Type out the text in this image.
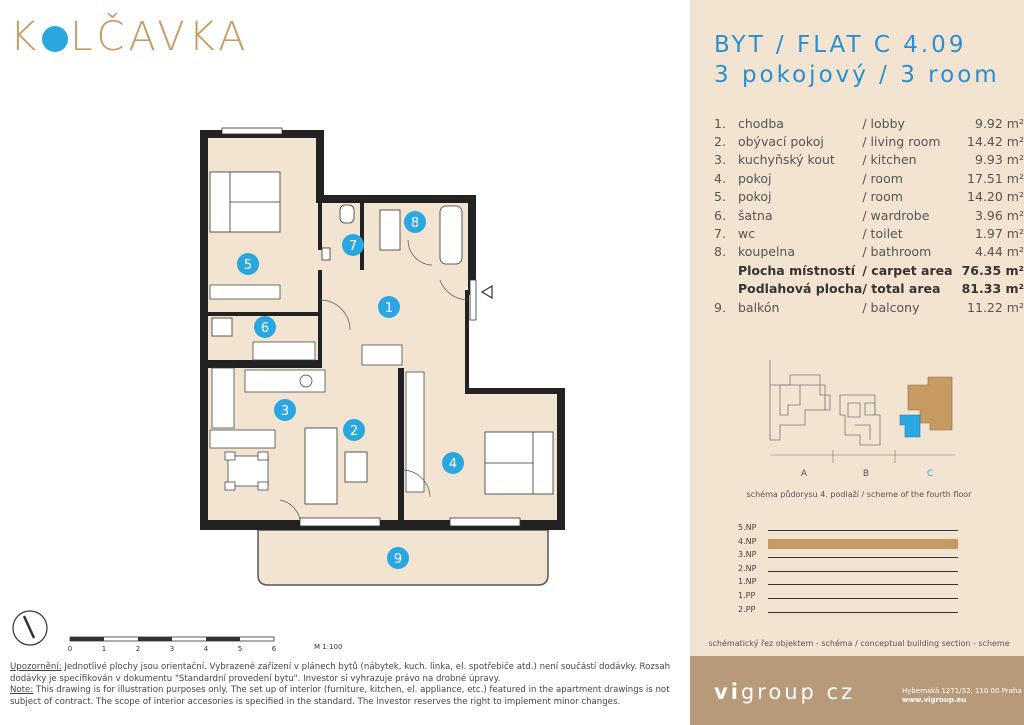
K LČAVKA	BYT / FLAT C 4.09
3 pokojový / 3 room
1.	chodba	/ lobby	9.92 m²
2.	obývací pokoj	/ living room	14.42 m²
3.	kuchyňský kout	/ kitchen	9.93 m²
4.	pokoj	/ room	17.51 m²
5.	pokoj	/ room	14.20 m²
6.	šatna	/ wardrobe	3.96 m²
7.	wc	/ toilet	1.97 m²
8.	koupelna	/ bathroom	4.44 m²
	Plocha místností	/ carpet area	76.35 m²
	Podlahová plocha	/ total area	81.33 m²
9.	balkón	/ balcony	11.22 m²
A	B	C
schéma půdorysu 4. podlaží / scheme of the fourth floor
5.NP
4.NP
3.NP
2.NP
1.NP
1.PP
2.PP
schématický řez objektem - schéma / conceptual building section - scheme
vigroup cz	Hybernská 1271/32, 110 00 Praha
www.vigroup.eu
1
2
3
4
5
6
7
8
9
0	1	2	3	4	5	6	M 1:100
Upozornění: Jednotlivé plochy jsou orientační. Vybrazené zařízení v plánech bytů (nábytek, kuch. linka, el. spotřebiče atd.) není součástí dodávky. Rozsah dodávky je specifikován v dokumentu "Standardní provedení bytu". Investor si vyhrazuje právo na drobné úpravy.
Note: This drawing is for illustration purposes only. The set up of interior (furniture, kitchen, el. appliance, etc.) featured in the apartment drawings is not subject of contract. The scope of interior accesories is specified in the standard. The investor reserves the right to implement minor changes.
